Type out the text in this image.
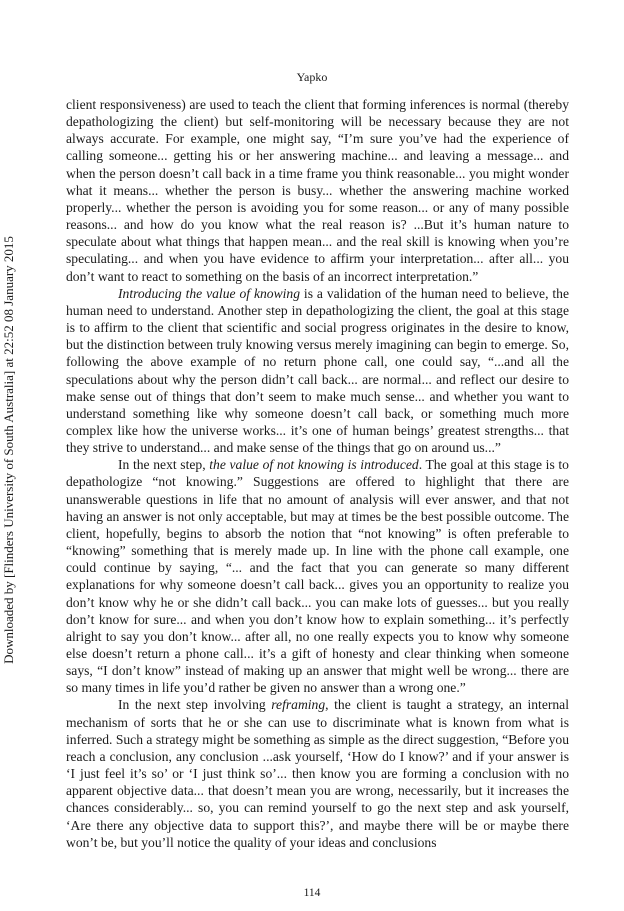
Yapko
Downloaded by [Flinders University of South Australia] at 22:52 08 January 2015

client responsiveness) are used to teach the client that forming inferences is normal (thereby depathologizing the client) but self-monitoring will be necessary because they are not always accurate. For example, one might say, “I’m sure you’ve had the experience of calling someone... getting his or her answering machine... and leaving a message... and when the person doesn’t call back in a time frame you think reasonable... you might wonder what it means... whether the person is busy... whether the answering machine worked properly... whether the person is avoiding you for some reason... or any of many possible reasons... and how do you know what the real reason is? ...But it’s human nature to speculate about what things that happen mean... and the real skill is knowing when you’re speculating... and when you have evidence to affirm your interpretation... after all... you don’t want to react to something on the basis of an incorrect interpretation.”

Introducing the value of knowing is a validation of the human need to believe, the human need to understand. Another step in depathologizing the client, the goal at this stage is to affirm to the client that scientific and social progress originates in the desire to know, but the distinction between truly knowing versus merely imagining can begin to emerge. So, following the above example of no return phone call, one could say, “...and all the speculations about why the person didn’t call back... are normal... and reflect our desire to make sense out of things that don’t seem to make much sense... and whether you want to understand something like why someone doesn’t call back, or something much more complex like how the universe works... it’s one of human beings’ greatest strengths... that they strive to understand... and make sense of the things that go on around us...”

In the next step, the value of not knowing is introduced. The goal at this stage is to depathologize “not knowing.” Suggestions are offered to highlight that there are unanswerable questions in life that no amount of analysis will ever answer, and that not having an answer is not only acceptable, but may at times be the best possible outcome. The client, hopefully, begins to absorb the notion that “not knowing” is often preferable to “knowing” something that is merely made up. In line with the phone call example, one could continue by saying, “... and the fact that you can generate so many different explanations for why someone doesn’t call back... gives you an opportunity to realize you don’t know why he or she didn’t call back... you can make lots of guesses... but you really don’t know for sure... and when you don’t know how to explain something... it’s perfectly alright to say you don’t know... after all, no one really expects you to know why someone else doesn’t return a phone call... it’s a gift of honesty and clear thinking when someone says, “I don’t know” instead of making up an answer that might well be wrong... there are so many times in life you’d rather be given no answer than a wrong one.”

In the next step involving reframing, the client is taught a strategy, an internal mechanism of sorts that he or she can use to discriminate what is known from what is inferred. Such a strategy might be something as simple as the direct suggestion, “Before you reach a conclusion, any conclusion ...ask yourself, ‘How do I know?’ and if your answer is ‘I just feel it’s so’ or ‘I just think so’... then know you are forming a conclusion with no apparent objective data... that doesn’t mean you are wrong, necessarily, but it increases the chances considerably... so, you can remind yourself to go the next step and ask yourself, ‘Are there any objective data to support this?’, and maybe there will be or maybe there won’t be, but you’ll notice the quality of your ideas and conclusions

114
